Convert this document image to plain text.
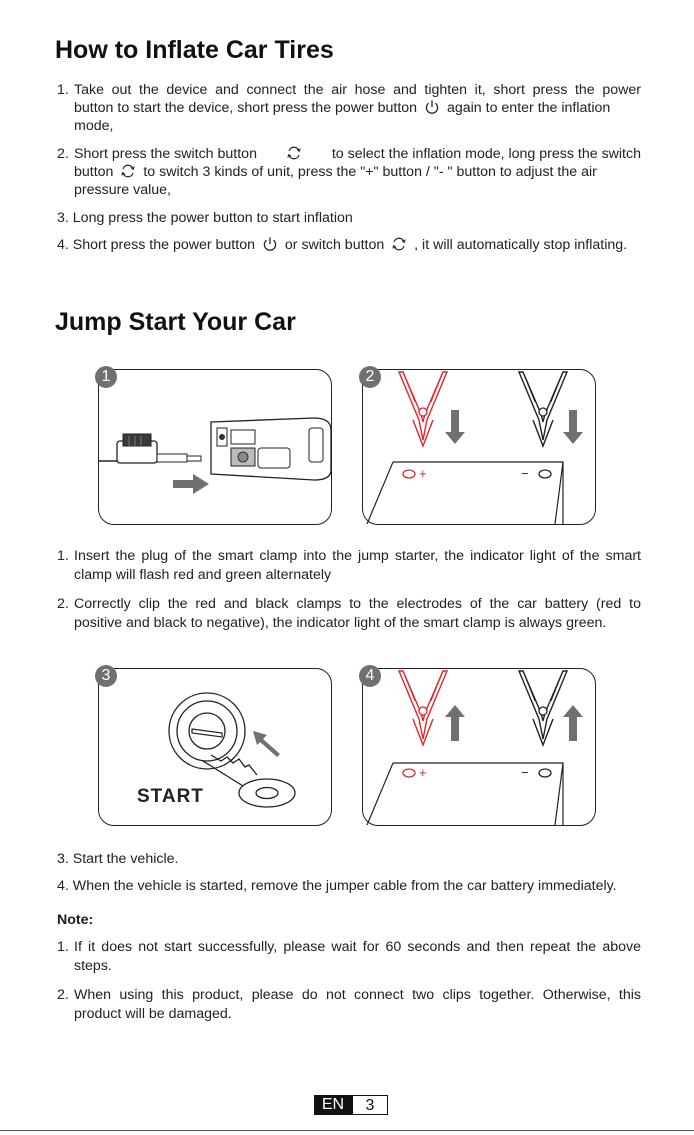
How to Inflate Car Tires
1. Take out the device and connect the air hose and tighten it, short press the power
button to start the device, short press the power button again to enter the inflation
mode,
2. Short press the switch button	to select the inflation mode, long press the switch
button to switch 3 kinds of unit, press the "+" button / "- " button to adjust the air
pressure value,
3. Long press the power button to start inflation
4. Short press the power button or switch button , it will automatically stop inflating.
Jump Start Your Car
1	2
+	−
1. Insert the plug of the smart clamp into the jump starter, the indicator light of the smart
clamp will flash red and green alternately
2. Correctly clip the red and black clamps to the electrodes of the car battery (red to
positive and black to negative), the indicator light of the smart clamp is always green.
3
START
4
+	−
3. Start the vehicle.
4. When the vehicle is started, remove the jumper cable from the car battery immediately.
Note:
1. If it does not start successfully, please wait for 60 seconds and then repeat the above
steps.
2. When using this product, please do not connect two clips together. Otherwise, this
product will be damaged.
EN	3
